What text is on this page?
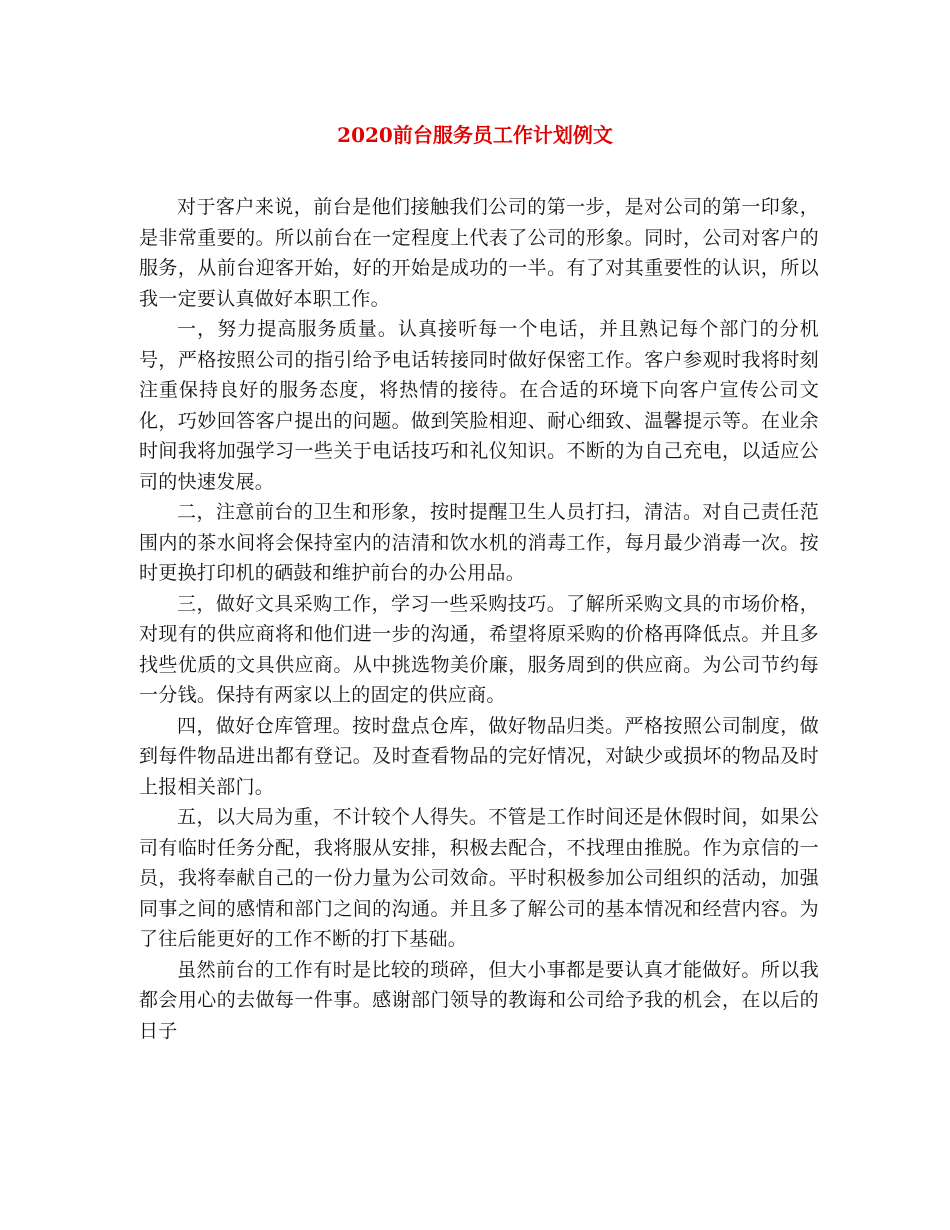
2020前台服务员工作计划例文

对于客户来说，前台是他们接触我们公司的第一步，是对公司的第一印象，是非常重要的。所以前台在一定程度上代表了公司的形象。同时，公司对客户的服务，从前台迎客开始，好的开始是成功的一半。有了对其重要性的认识，所以我一定要认真做好本职工作。

一，努力提高服务质量。认真接听每一个电话，并且熟记每个部门的分机号，严格按照公司的指引给予电话转接同时做好保密工作。客户参观时我将时刻注重保持良好的服务态度，将热情的接待。在合适的环境下向客户宣传公司文化，巧妙回答客户提出的问题。做到笑脸相迎、耐心细致、温馨提示等。在业余时间我将加强学习一些关于电话技巧和礼仪知识。不断的为自己充电，以适应公司的快速发展。

二，注意前台的卫生和形象，按时提醒卫生人员打扫，清洁。对自己责任范围内的茶水间将会保持室内的洁清和饮水机的消毒工作，每月最少消毒一次。按时更换打印机的硒鼓和维护前台的办公用品。

三，做好文具采购工作，学习一些采购技巧。了解所采购文具的市场价格，对现有的供应商将和他们进一步的沟通，希望将原采购的价格再降低点。并且多找些优质的文具供应商。从中挑选物美价廉，服务周到的供应商。为公司节约每一分钱。保持有两家以上的固定的供应商。

四，做好仓库管理。按时盘点仓库，做好物品归类。严格按照公司制度，做到每件物品进出都有登记。及时查看物品的完好情况，对缺少或损坏的物品及时上报相关部门。

五，以大局为重，不计较个人得失。不管是工作时间还是休假时间，如果公司有临时任务分配，我将服从安排，积极去配合，不找理由推脱。作为京信的一员，我将奉献自己的一份力量为公司效命。平时积极参加公司组织的活动，加强同事之间的感情和部门之间的沟通。并且多了解公司的基本情况和经营内容。为了往后能更好的工作不断的打下基础。

虽然前台的工作有时是比较的琐碎，但大小事都是要认真才能做好。所以我都会用心的去做每一件事。感谢部门领导的教诲和公司给予我的机会，在以后的日子
